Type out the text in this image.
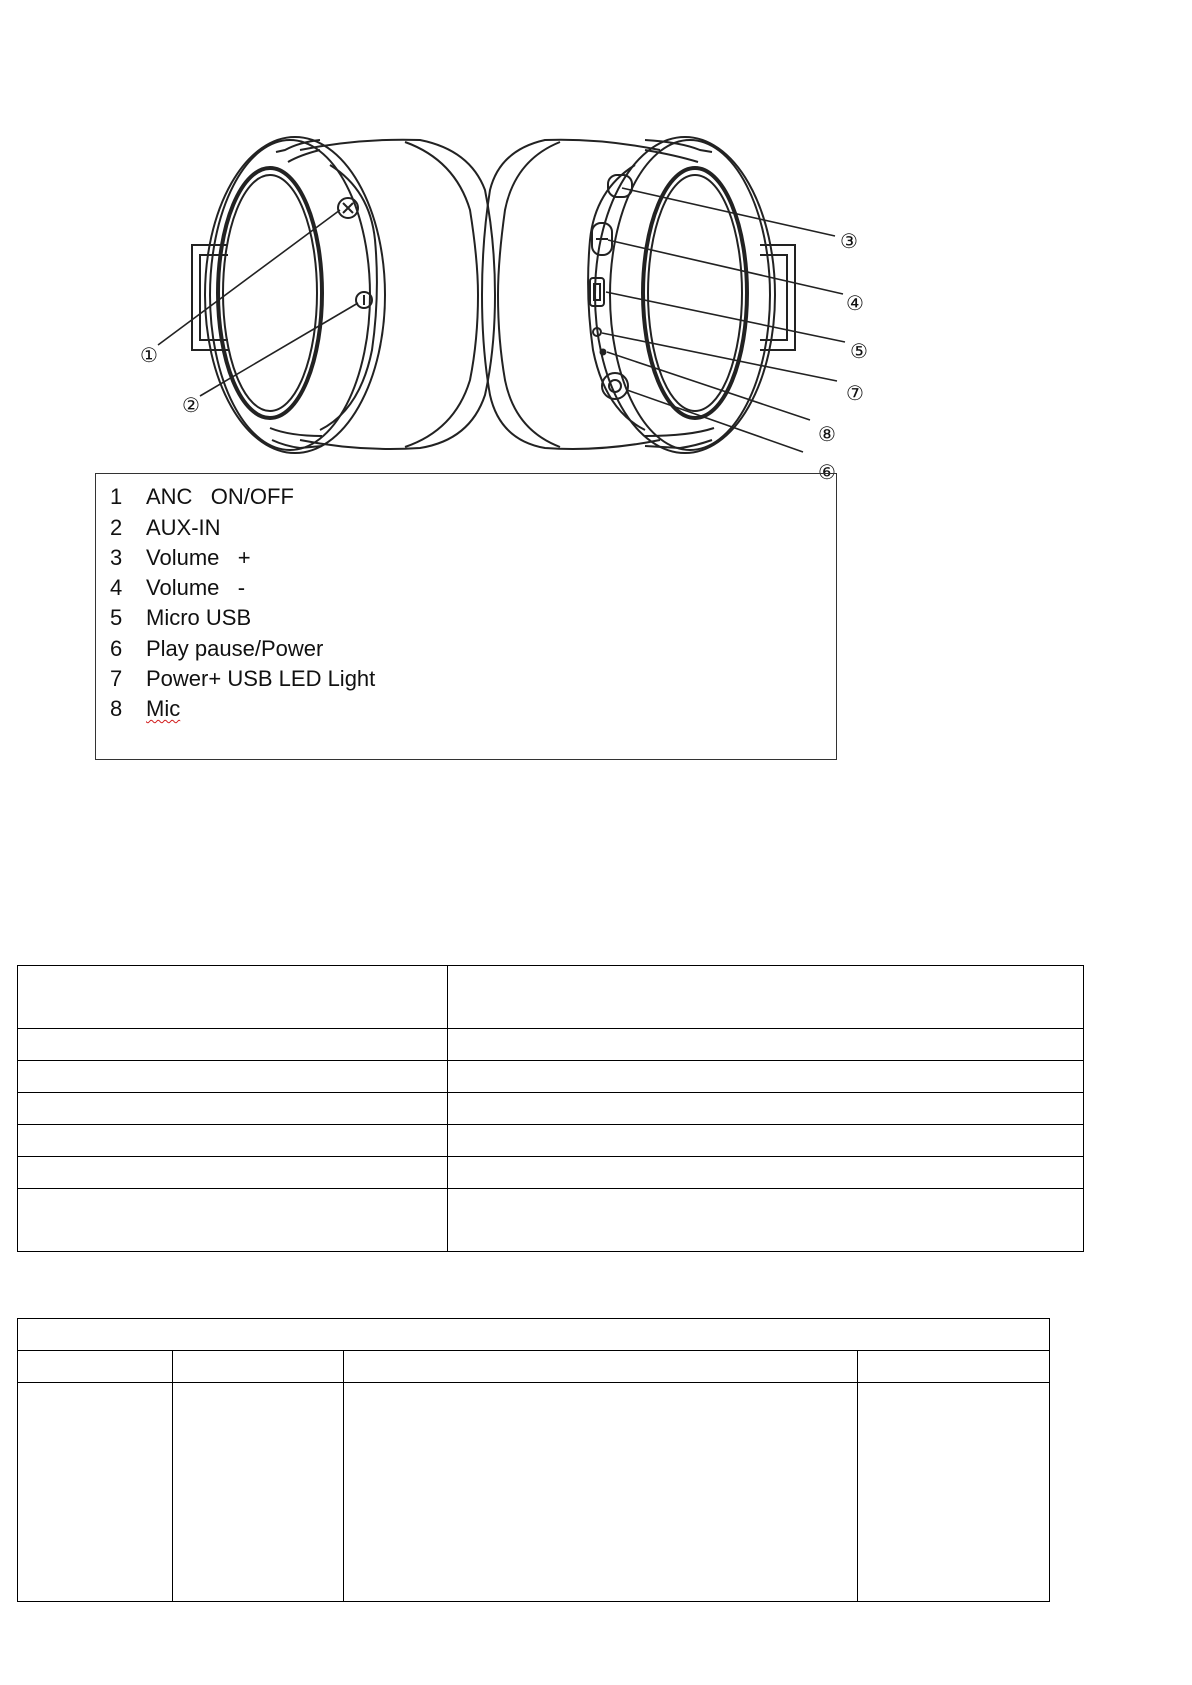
①
②
③
④
⑤
⑦
⑧
⑥
1 ANC   ON/OFF
2 AUX-IN
3 Volume   +
4 Volume   -
5 Micro USB
6 Play pause/Power
7 Power+ USB LED Light
8 Mic
